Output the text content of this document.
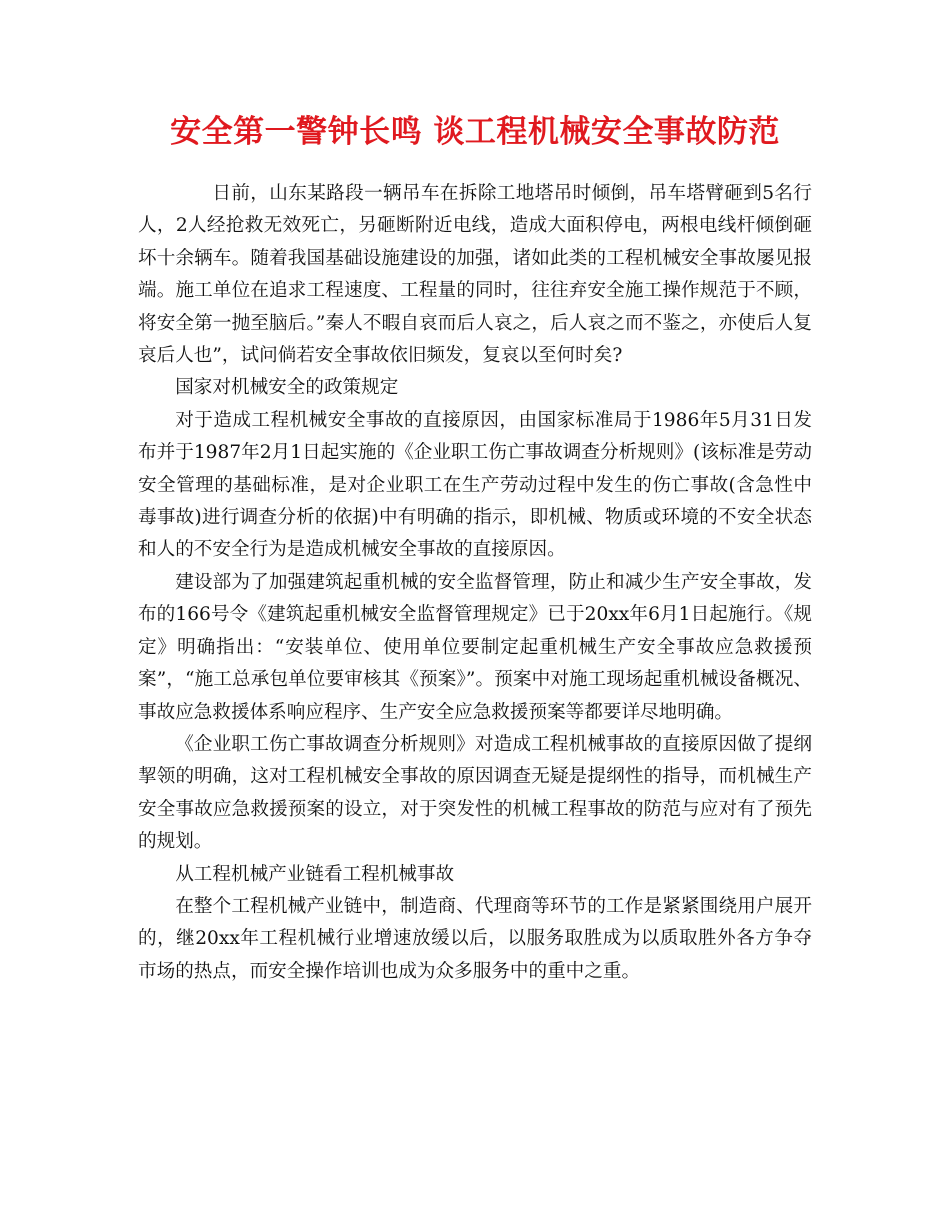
安全第一警钟长鸣 谈工程机械安全事故防范

日前，山东某路段一辆吊车在拆除工地塔吊时倾倒，吊车塔臂砸到5名行人，2人经抢救无效死亡，另砸断附近电线，造成大面积停电，两根电线杆倾倒砸坏十余辆车。随着我国基础设施建设的加强，诸如此类的工程机械安全事故屡见报端。施工单位在追求工程速度、工程量的同时，往往弃安全施工操作规范于不顾，将安全第一抛至脑后。”秦人不暇自哀而后人哀之，后人哀之而不鉴之，亦使后人复哀后人也”，试问倘若安全事故依旧频发，复哀以至何时矣?

国家对机械安全的政策规定

对于造成工程机械安全事故的直接原因，由国家标准局于1986年5月31日发布并于1987年2月1日起实施的《企业职工伤亡事故调查分析规则》(该标准是劳动安全管理的基础标准，是对企业职工在生产劳动过程中发生的伤亡事故(含急性中毒事故)进行调查分析的依据)中有明确的指示，即机械、物质或环境的不安全状态和人的不安全行为是造成机械安全事故的直接原因。

建设部为了加强建筑起重机械的安全监督管理，防止和减少生产安全事故，发布的166号令《建筑起重机械安全监督管理规定》已于20xx年6月1日起施行。《规定》明确指出：“安装单位、使用单位要制定起重机械生产安全事故应急救援预案”，“施工总承包单位要审核其《预案》”。预案中对施工现场起重机械设备概况、事故应急救援体系响应程序、生产安全应急救援预案等都要详尽地明确。

《企业职工伤亡事故调查分析规则》对造成工程机械事故的直接原因做了提纲挈领的明确，这对工程机械安全事故的原因调查无疑是提纲性的指导，而机械生产安全事故应急救援预案的设立，对于突发性的机械工程事故的防范与应对有了预先的规划。

从工程机械产业链看工程机械事故

在整个工程机械产业链中，制造商、代理商等环节的工作是紧紧围绕用户展开的，继20xx年工程机械行业增速放缓以后，以服务取胜成为以质取胜外各方争夺市场的热点，而安全操作培训也成为众多服务中的重中之重。
